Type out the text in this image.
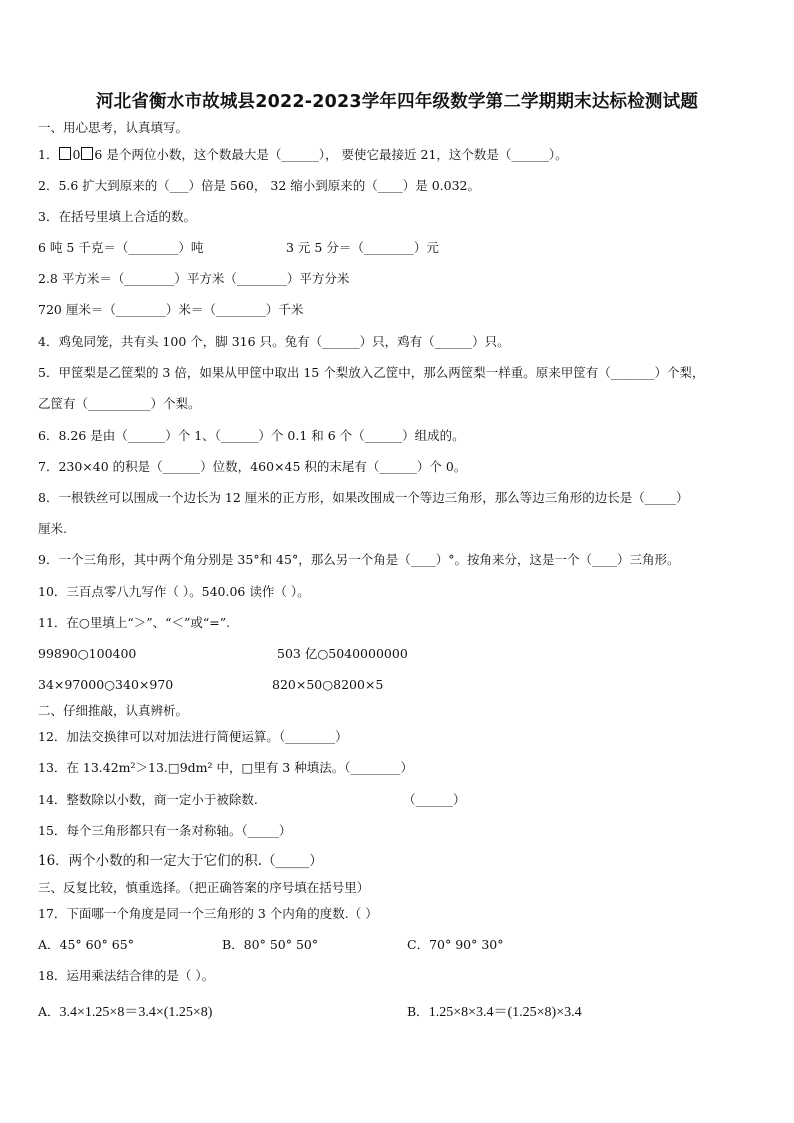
河北省衡水市故城县2022-2023学年四年级数学第二学期期末达标检测试题
一、用心思考，认真填写。
1． 0 6 是个两位小数，这个数最大是（______）， 要使它最接近 21，这个数是（______）。
2．5.6 扩大到原来的（___）倍是 560， 32 缩小到原来的（____）是 0.032。
3．在括号里填上合适的数。
6 吨 5 千克＝（________）吨	3 元 5 分＝（________）元
2.8 平方米＝（________）平方米（________）平方分米
720 厘米＝（________）米＝（________）千米
4．鸡兔同笼，共有头 100 个，脚 316 只。兔有（______）只，鸡有（______）只。
5．甲筐梨是乙筐梨的 3 倍，如果从甲筐中取出 15 个梨放入乙筐中，那么两筐梨一样重。原来甲筐有（_______）个梨，
乙筐有（__________）个梨。
6．8.26 是由（______）个 1、（______）个 0.1 和 6 个（______）组成的。
7．230×40 的积是（______）位数，460×45 积的末尾有（______）个 0。
8．一根铁丝可以围成一个边长为 12 厘米的正方形，如果改围成一个等边三角形，那么等边三角形的边长是（_____）
厘米.
9．一个三角形，其中两个角分别是 35°和 45°，那么另一个角是（____）°。按角来分，这是一个（____）三角形。
10．三百点零八九写作（ ）。540.06 读作（ ）。
11．在○里填上“＞”、“＜”或“=”.
99890○100400	503 亿○5040000000
34×97000○340×970	820×50○8200×5
二、仔细推敲，认真辨析。
12．加法交换律可以对加法进行简便运算。（________）
13．在 13.42m²＞13.□9dm² 中，□里有 3 种填法。（________）
14．整数除以小数，商一定小于被除数.	（______）
15．每个三角形都只有一条对称轴。（_____）
16．两个小数的和一定大于它们的积.（_____）
三、反复比较，慎重选择。（把正确答案的序号填在括号里）
17．下面哪一个角度是同一个三角形的 3 个内角的度数.（ ）
A．45° 60° 65°	B．80° 50° 50°	C．70° 90° 30°
18．运用乘法结合律的是（ ）。
A．3.4×1.25×8＝3.4×(1.25×8)	B．1.25×8×3.4＝(1.25×8)×3.4
